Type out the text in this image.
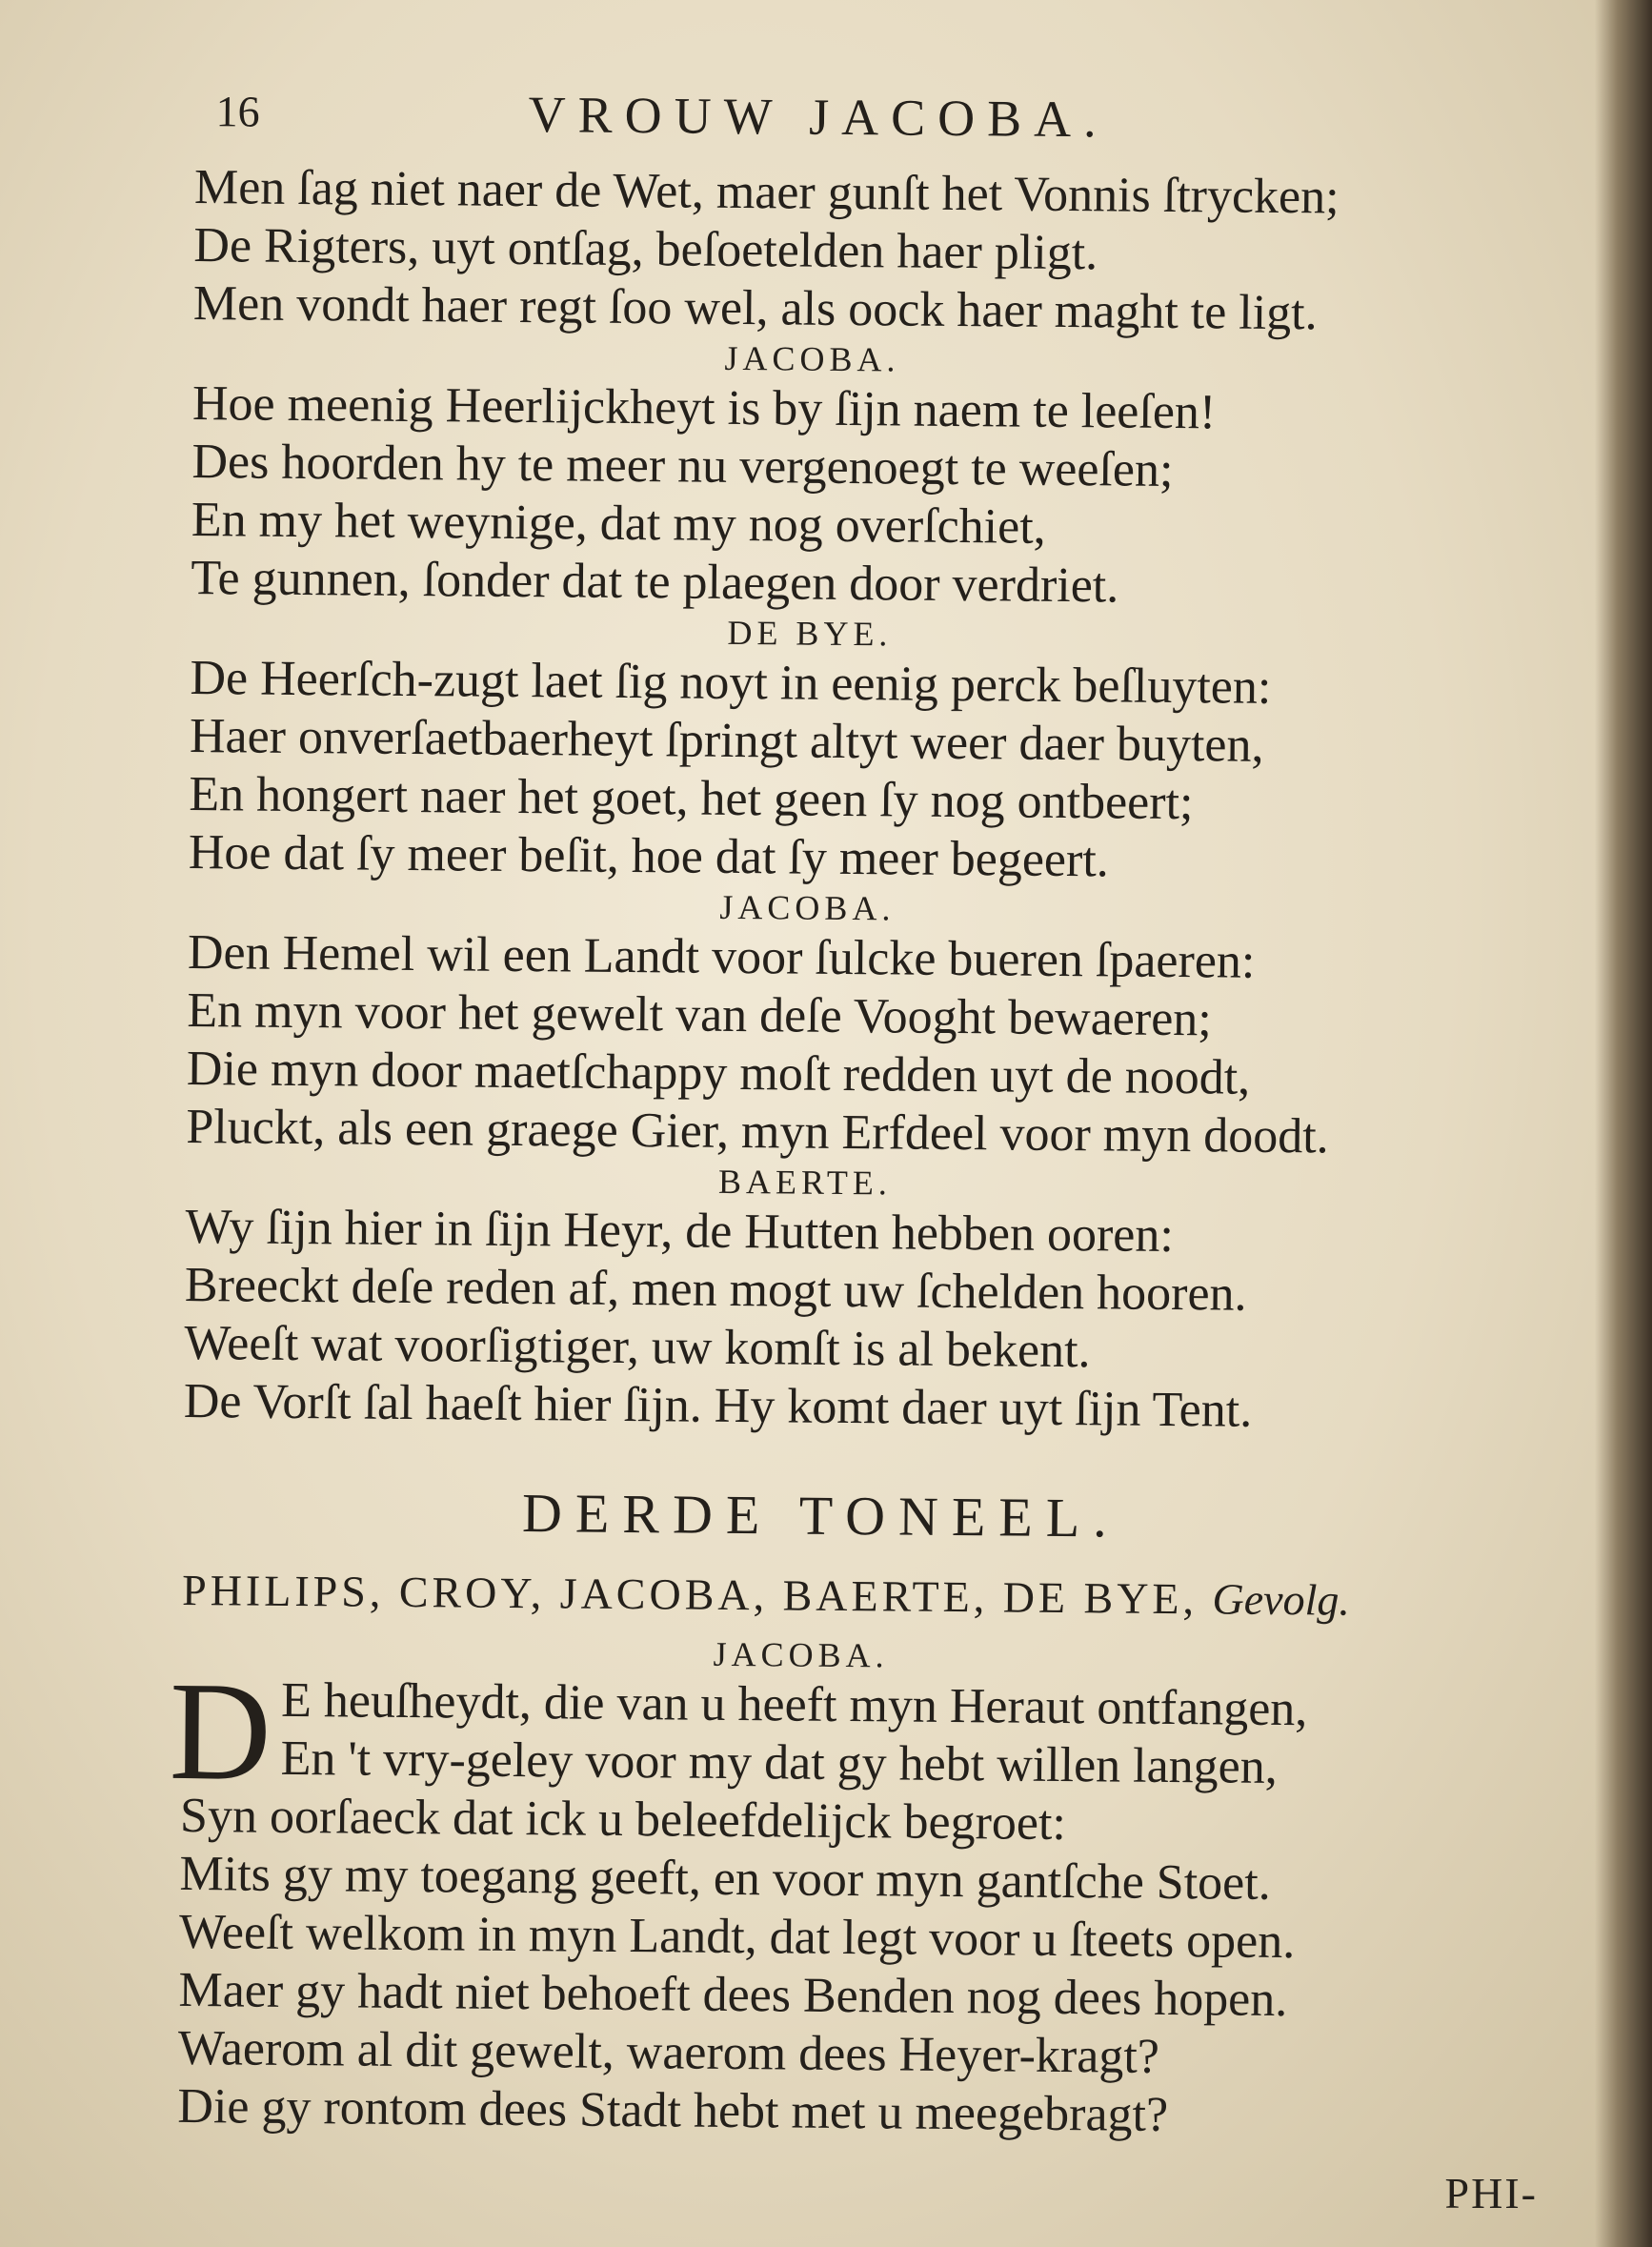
16	VROUW JACOBA.
Men ſag niet naer de Wet, maer gunſt het Vonnis ſtrycken;
De Rigters, uyt ontſag, beſoetelden haer pligt.
Men vondt haer regt ſoo wel, als oock haer maght te ligt.
JACOBA.
Hoe meenig Heerlijckheyt is by ſijn naem te leeſen!
Des hoorden hy te meer nu vergenoegt te weeſen;
En my het weynige, dat my nog overſchiet,
Te gunnen, ſonder dat te plaegen door verdriet.
DE BYE.
De Heerſch-zugt laet ſig noyt in eenig perck beſluyten:
Haer onverſaetbaerheyt ſpringt altyt weer daer buyten,
En hongert naer het goet, het geen ſy nog ontbeert;
Hoe dat ſy meer beſit, hoe dat ſy meer begeert.
JACOBA.
Den Hemel wil een Landt voor ſulcke bueren ſpaeren:
En myn voor het gewelt van deſe Vooght bewaeren;
Die myn door maetſchappy moſt redden uyt de noodt,
Pluckt, als een graege Gier, myn Erfdeel voor myn doodt.
BAERTE.
Wy ſijn hier in ſijn Heyr, de Hutten hebben ooren:
Breeckt deſe reden af, men mogt uw ſchelden hooren.
Weeſt wat voorſigtiger, uw komſt is al bekent.
De Vorſt ſal haeſt hier ſijn. Hy komt daer uyt ſijn Tent.
DERDE TONEEL.
PHILIPS, CROY, JACOBA, BAERTE, DE BYE, Gevolg.
JACOBA.
D E heuſheydt, die van u heeft myn Heraut ontfangen,
En 't vry-geley voor my dat gy hebt willen langen,
Syn oorſaeck dat ick u beleefdelijck begroet:
Mits gy my toegang geeft, en voor myn gantſche Stoet.
Weeſt welkom in myn Landt, dat legt voor u ſteets open.
Maer gy hadt niet behoeft dees Benden nog dees hopen.
Waerom al dit gewelt, waerom dees Heyer-kragt?
Die gy rontom dees Stadt hebt met u meegebragt?
PHI-
